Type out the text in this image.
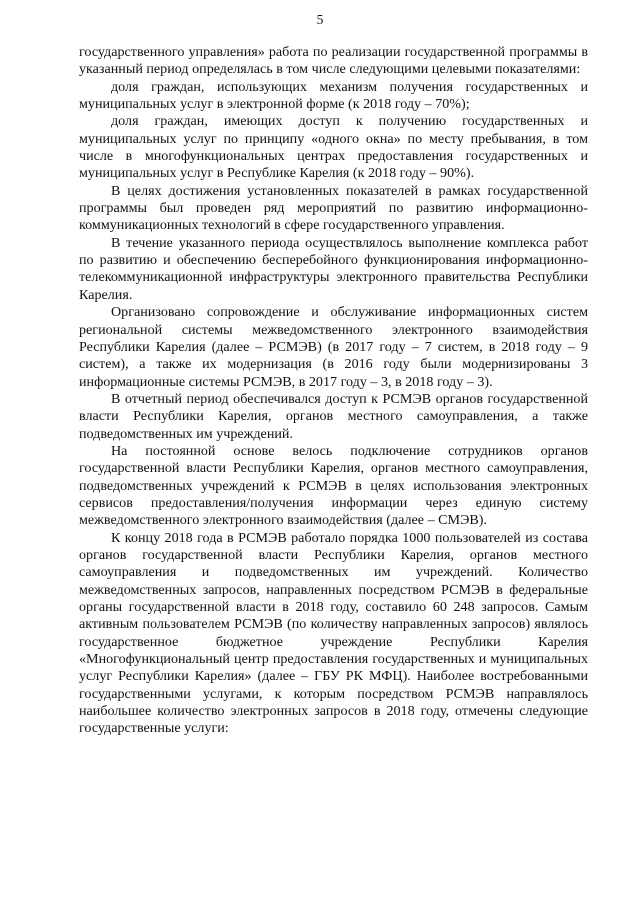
5

государственного управления» работа по реализации государственной программы в указанный период определялась в том числе следующими целевыми показателями:

доля граждан, использующих механизм получения государственных и муниципальных услуг в электронной форме (к 2018 году – 70%);

доля граждан, имеющих доступ к получению государственных и муниципальных услуг по принципу «одного окна» по месту пребывания, в том числе в многофункциональных центрах предоставления государственных и муниципальных услуг в Республике Карелия (к 2018 году – 90%).

В целях достижения установленных показателей в рамках государственной программы был проведен ряд мероприятий по развитию информационно-коммуникационных технологий в сфере государственного управления.

В течение указанного периода осуществлялось выполнение комплекса работ по развитию и обеспечению бесперебойного функционирования информационно-телекоммуникационной инфраструктуры электронного правительства Республики Карелия.

Организовано сопровождение и обслуживание информационных систем региональной системы межведомственного электронного взаимодействия Республики Карелия (далее – РСМЭВ) (в 2017 году – 7 систем, в 2018 году – 9 систем), а также их модернизация (в 2016 году были модернизированы 3 информационные системы РСМЭВ, в 2017 году – 3, в 2018 году – 3).

В отчетный период обеспечивался доступ к РСМЭВ органов государственной власти Республики Карелия, органов местного самоуправления, а также подведомственных им учреждений.

На постоянной основе велось подключение сотрудников органов государственной власти Республики Карелия, органов местного самоуправления, подведомственных учреждений к РСМЭВ в целях использования электронных сервисов предоставления/получения информации через единую систему межведомственного электронного взаимодействия (далее – СМЭВ).

К концу 2018 года в РСМЭВ работало порядка 1000 пользователей из состава органов государственной власти Республики Карелия, органов местного самоуправления и подведомственных им учреждений. Количество межведомственных запросов, направленных посредством РСМЭВ в федеральные органы государственной власти в 2018 году, составило 60 248 запросов. Самым активным пользователем РСМЭВ (по количеству направленных запросов) являлось государственное бюджетное учреждение Республики Карелия «Многофункциональный центр предоставления государственных и муниципальных услуг Республики Карелия» (далее – ГБУ РК МФЦ). Наиболее востребованными государственными услугами, к которым посредством РСМЭВ направлялось наибольшее количество электронных запросов в 2018 году, отмечены следующие государственные услуги:
